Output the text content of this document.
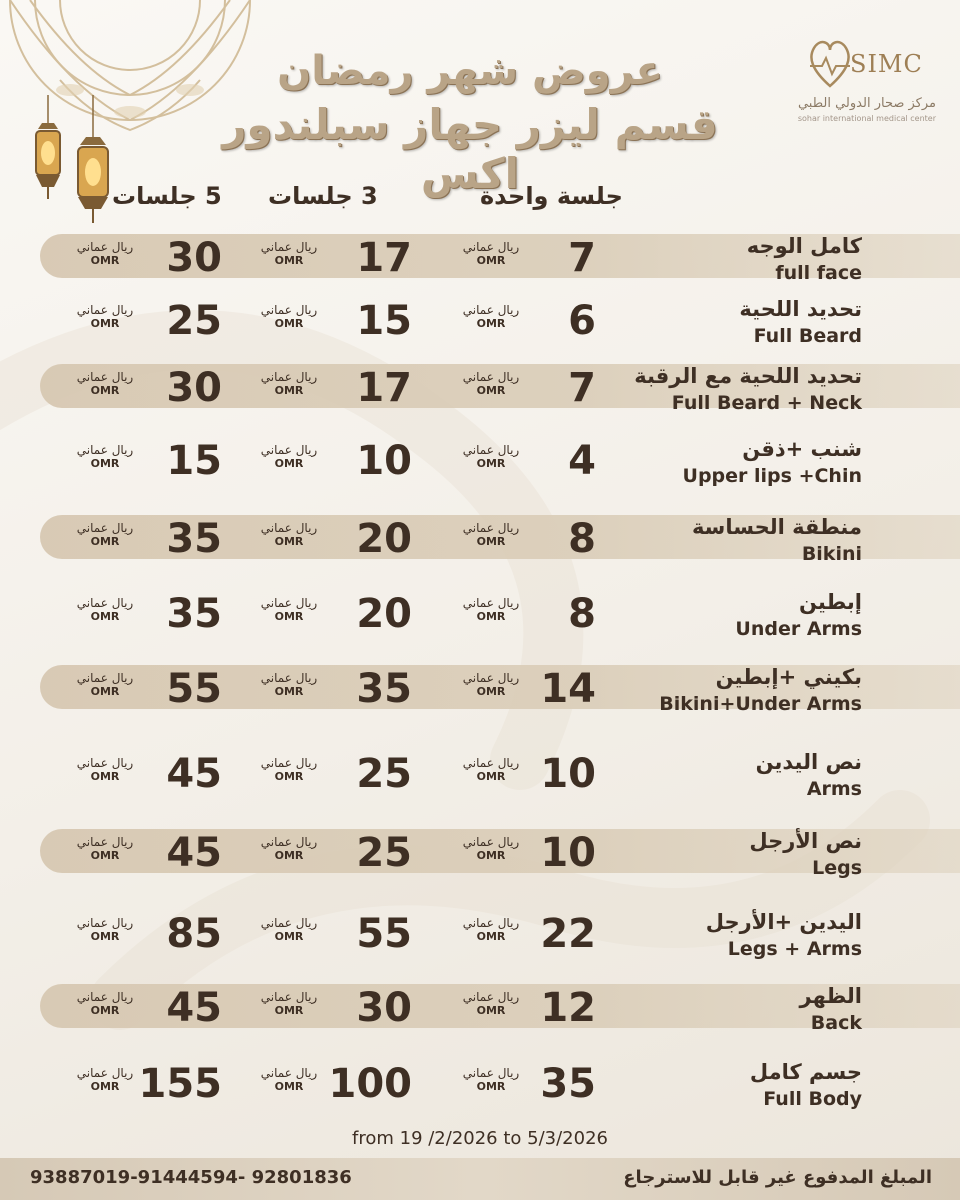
SIMC
مركز صحار الدولي الطبي
sohar international medical center
عروض شهر رمضان
قسم ليزر جهاز سبلندور اكس
جلسة واحدة
3 جلسات
5 جلسات
كامل الوجه
full face
7
ريال عماني
OMR
17
ريال عماني
OMR
30
ريال عماني
OMR
تحديد اللحية
Full Beard
6
ريال عماني
OMR
15
ريال عماني
OMR
25
ريال عماني
OMR
تحديد اللحية مع الرقبة
Full Beard + Neck
7
ريال عماني
OMR
17
ريال عماني
OMR
30
ريال عماني
OMR
شنب +ذقن
Upper lips +Chin
4
ريال عماني
OMR
10
ريال عماني
OMR
15
ريال عماني
OMR
منطقة الحساسة
Bikini
8
ريال عماني
OMR
20
ريال عماني
OMR
35
ريال عماني
OMR
إبطين
Under Arms
8
ريال عماني
OMR
20
ريال عماني
OMR
35
ريال عماني
OMR
بكيني +إبطين
Bikini+Under Arms
14
ريال عماني
OMR
35
ريال عماني
OMR
55
ريال عماني
OMR
نص اليدين
Arms
10
ريال عماني
OMR
25
ريال عماني
OMR
45
ريال عماني
OMR
نص الأرجل
Legs
10
ريال عماني
OMR
25
ريال عماني
OMR
45
ريال عماني
OMR
اليدين +الأرجل
Legs + Arms
22
ريال عماني
OMR
55
ريال عماني
OMR
85
ريال عماني
OMR
الظهر
Back
12
ريال عماني
OMR
30
ريال عماني
OMR
45
ريال عماني
OMR
جسم كامل
Full Body
35
ريال عماني
OMR
100
ريال عماني
OMR
155
ريال عماني
OMR
from 19 /2/2026 to 5/3/2026
93887019-91444594- 92801836	المبلغ المدفوع غير قابل للاسترجاع
